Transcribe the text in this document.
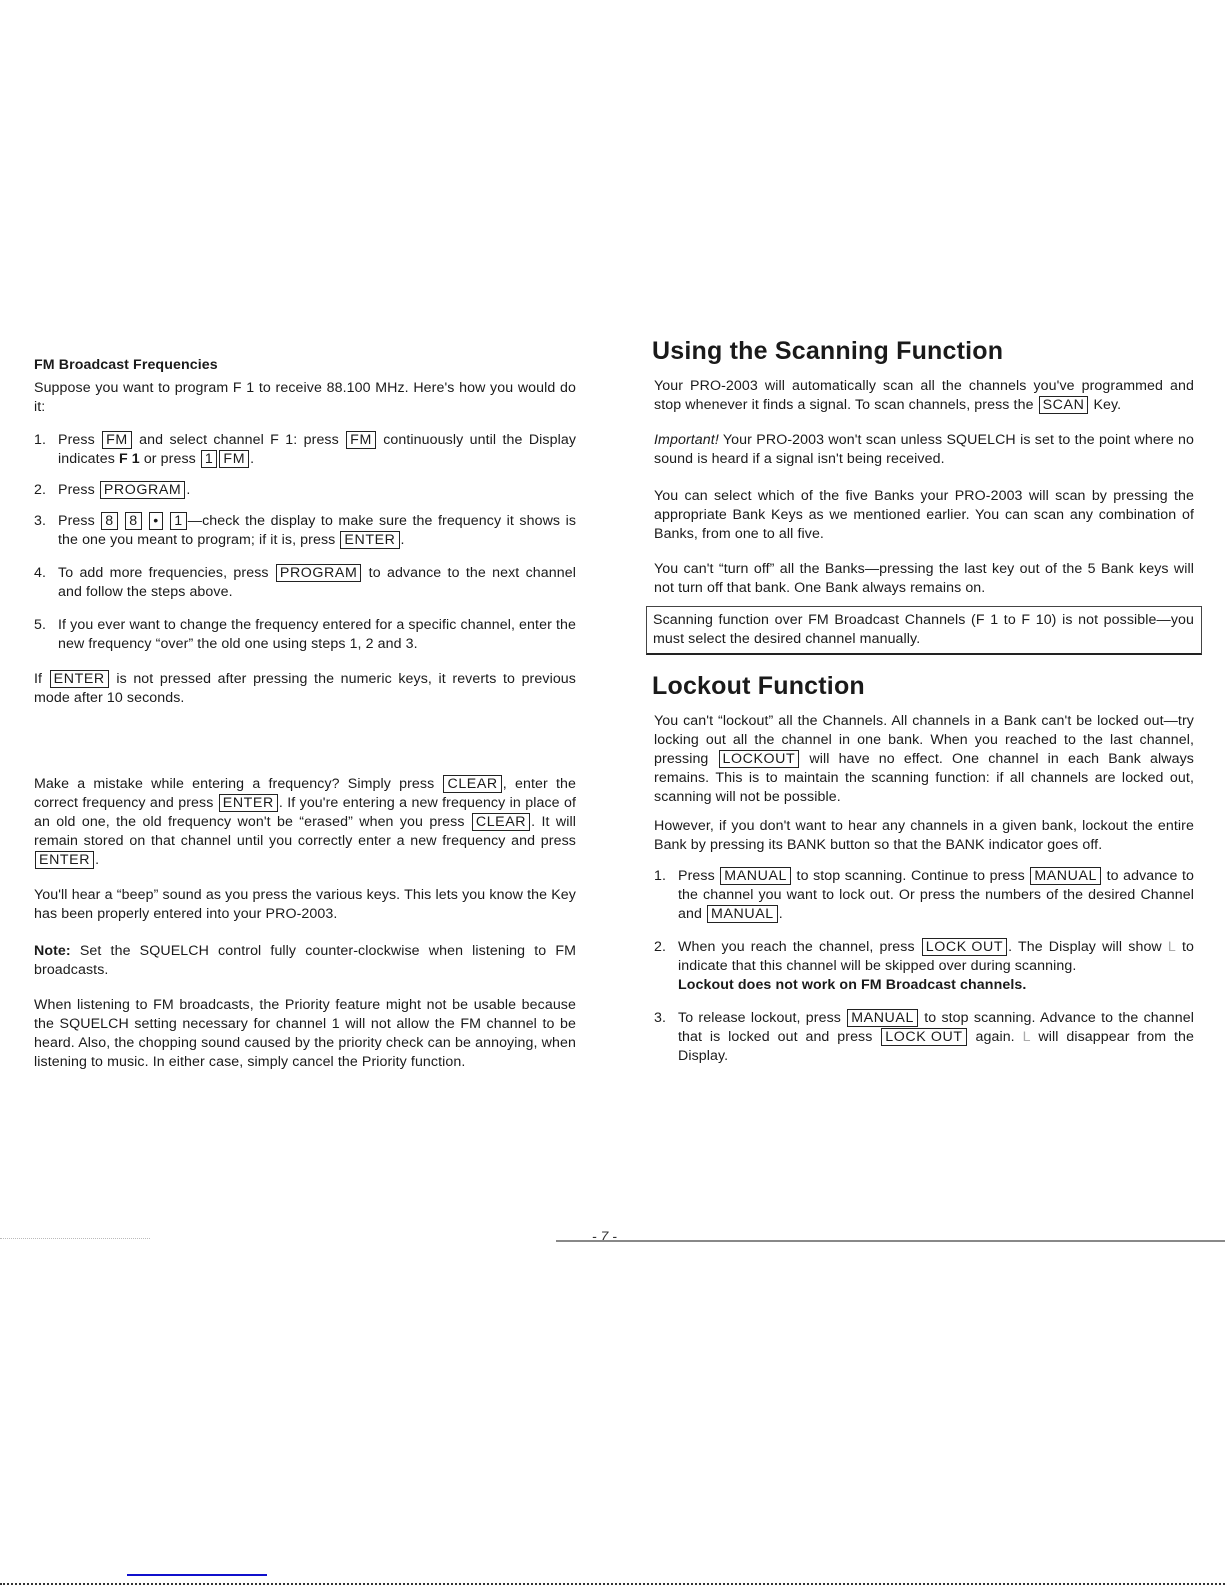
FM Broadcast Frequencies

Suppose you want to program F 1 to receive 88.100 MHz. Here's how you would do it:

1. Press FM and select channel F 1: press FM continuously until the Display indicates F 1 or press 1 FM .
2. Press PROGRAM .
3. Press 8 8 • 1 —check the display to make sure the frequency it shows is the one you meant to program; if it is, press ENTER .
4. To add more frequencies, press PROGRAM to advance to the next channel and follow the steps above.
5. If you ever want to change the frequency entered for a specific channel, enter the new frequency “over” the old one using steps 1, 2 and 3.

If ENTER is not pressed after pressing the numeric keys, it reverts to previous mode after 10 seconds.

Make a mistake while entering a frequency? Simply press CLEAR , enter the correct frequency and press ENTER . If you're entering a new frequency in place of an old one, the old frequency won't be “erased” when you press CLEAR . It will remain stored on that channel until you correctly enter a new frequency and press ENTER .

You'll hear a “beep” sound as you press the various keys. This lets you know the Key has been properly entered into your PRO-2003.

Note: Set the SQUELCH control fully counter-clockwise when listening to FM broadcasts.

When listening to FM broadcasts, the Priority feature might not be usable because the SQUELCH setting necessary for channel 1 will not allow the FM channel to be heard. Also, the chopping sound caused by the priority check can be annoying, when listening to music. In either case, simply cancel the Priority function.

Using the Scanning Function

Your PRO-2003 will automatically scan all the channels you've programmed and stop whenever it finds a signal. To scan channels, press the SCAN Key.

Important! Your PRO-2003 won't scan unless SQUELCH is set to the point where no sound is heard if a signal isn't being received.

You can select which of the five Banks your PRO-2003 will scan by pressing the appropriate Bank Keys as we mentioned earlier. You can scan any combination of Banks, from one to all five.

You can't “turn off” all the Banks—pressing the last key out of the 5 Bank keys will not turn off that bank. One Bank always remains on.

Scanning function over FM Broadcast Channels (F 1 to F 10) is not possible—you must select the desired channel manually.

Lockout Function

You can't “lockout” all the Channels. All channels in a Bank can't be locked out—try locking out all the channel in one bank. When you reached to the last channel, pressing LOCKOUT will have no effect. One channel in each Bank always remains. This is to maintain the scanning function: if all channels are locked out, scanning will not be possible.

However, if you don't want to hear any channels in a given bank, lockout the entire Bank by pressing its BANK button so that the BANK indicator goes off.

1. Press MANUAL to stop scanning. Continue to press MANUAL to advance to the channel you want to lock out. Or press the numbers of the desired Channel and MANUAL .
2. When you reach the channel, press LOCK OUT . The Display will show L to indicate that this channel will be skipped over during scanning.
Lockout does not work on FM Broadcast channels.
3. To release lockout, press MANUAL to stop scanning. Advance to the channel that is locked out and press LOCK OUT again. L will disappear from the Display.
- 7 -
